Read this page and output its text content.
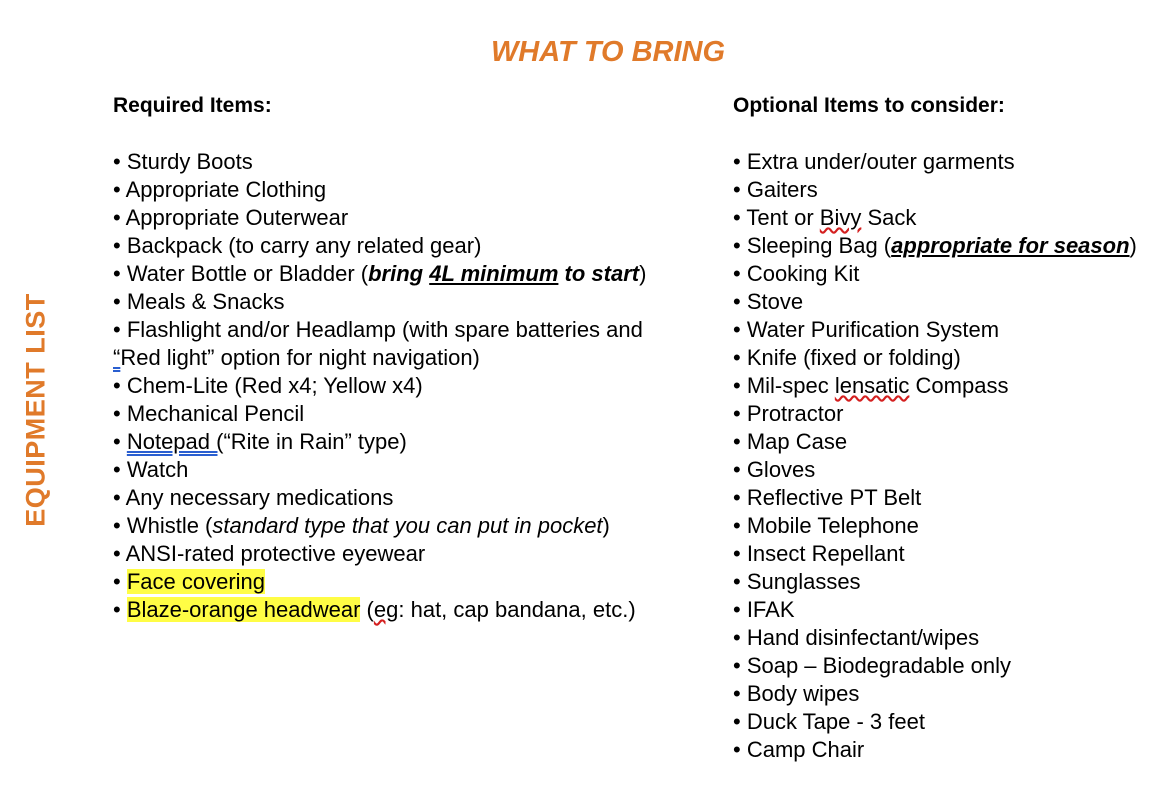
WHAT TO BRING
EQUIPMENT LIST
Required Items:
• Sturdy Boots
• Appropriate Clothing
• Appropriate Outerwear
• Backpack (to carry any related gear)
• Water Bottle or Bladder (bring 4L minimum to start)
• Meals & Snacks
• Flashlight and/or Headlamp (with spare batteries and
“Red light” option for night navigation)
• Chem-Lite (Red x4; Yellow x4)
• Mechanical Pencil
• Notepad (“Rite in Rain” type)
• Watch
• Any necessary medications
• Whistle (standard type that you can put in pocket)
• ANSI-rated protective eyewear
• Face covering
• Blaze-orange headwear (eg: hat, cap bandana, etc.)
Optional Items to consider:
• Extra under/outer garments
• Gaiters
• Tent or Bivy Sack
• Sleeping Bag (appropriate for season)
• Cooking Kit
• Stove
• Water Purification System
• Knife (fixed or folding)
• Mil-spec lensatic Compass
• Protractor
• Map Case
• Gloves
• Reflective PT Belt
• Mobile Telephone
• Insect Repellant
• Sunglasses
• IFAK
• Hand disinfectant/wipes
• Soap – Biodegradable only
• Body wipes
• Duck Tape - 3 feet
• Camp Chair
